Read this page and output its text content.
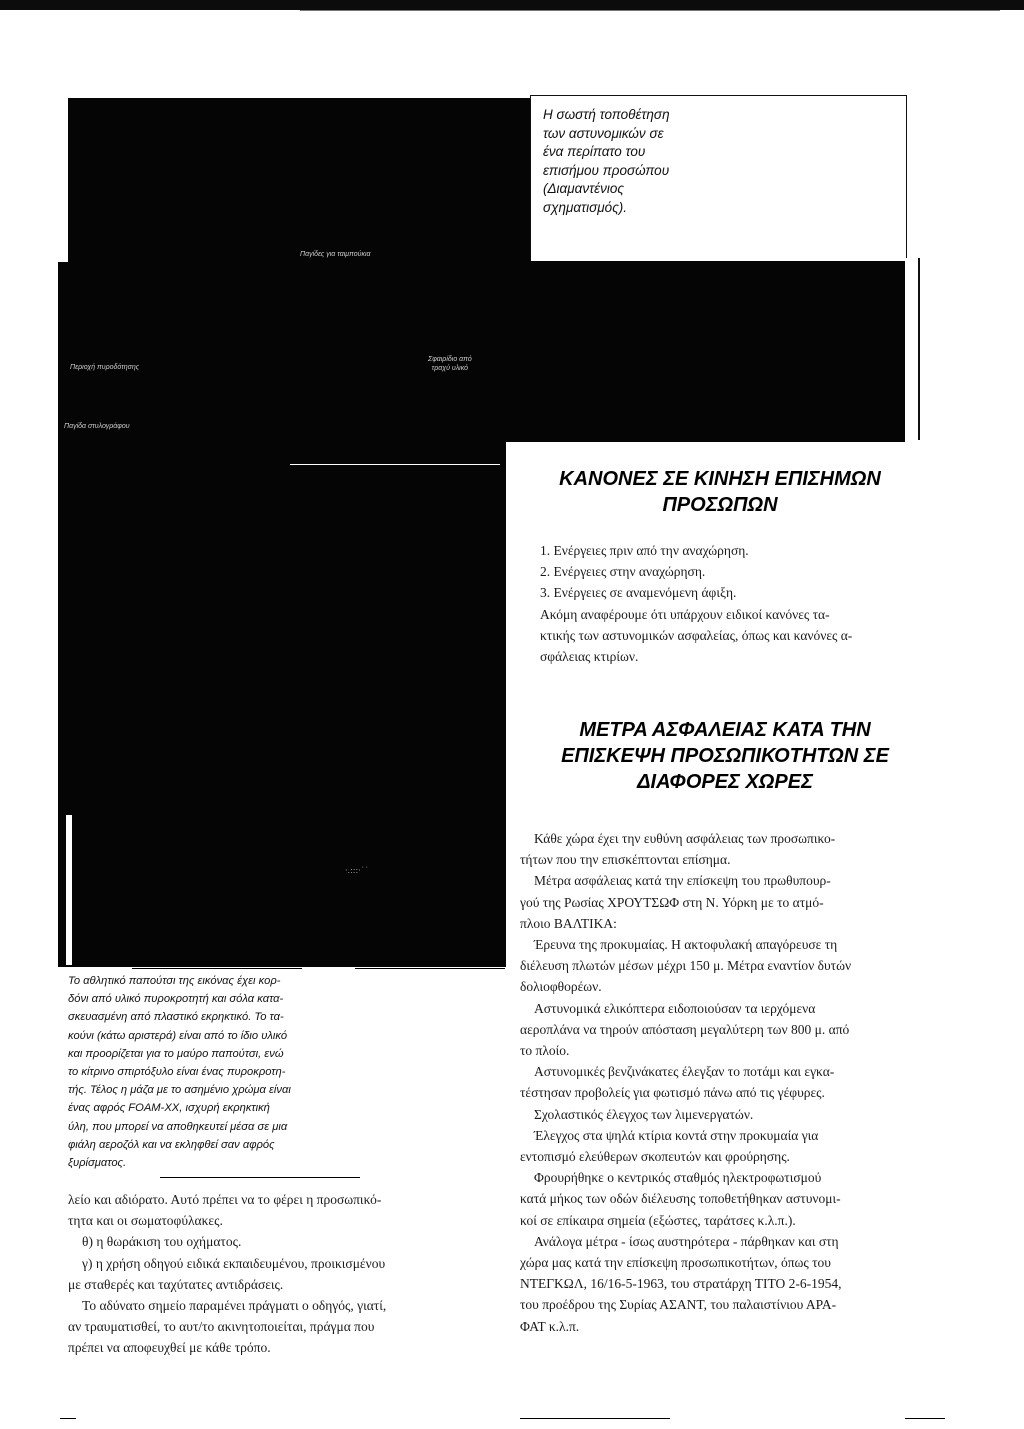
Η σωστή τοποθέτηση
των αστυνομικών σε
ένα περίπατο του
επισήμου προσώπου
(Διαμαντένιος
σχηματισμός).
Παγίδες για ταιμπούκια
Περιοχή πυροδότησης
Σφαιρίδιο από
τραχύ υλικό
Παγίδα στυλογράφου
·.:::·˙˙
ΚΑΝΟΝΕΣ ΣΕ ΚΙΝΗΣΗ ΕΠΙΣΗΜΩΝ
ΠΡΟΣΩΠΩΝ

1. Ενέργειες πριν από την αναχώρηση.

2. Ενέργειες στην αναχώρηση.

3. Ενέργειες σε αναμενόμενη άφιξη.

Ακόμη αναφέρουμε ότι υπάρχουν ειδικοί κανόνες τα-

κτικής των αστυνομικών ασφαλείας, όπως και κανόνες α-

σφάλειας κτιρίων.

ΜΕΤΡΑ ΑΣΦΑΛΕΙΑΣ ΚΑΤΑ ΤΗΝ
ΕΠΙΣΚΕΨΗ ΠΡΟΣΩΠΙΚΟΤΗΤΩΝ ΣΕ
ΔΙΑΦΟΡΕΣ ΧΩΡΕΣ

Κάθε χώρα έχει την ευθύνη ασφάλειας των προσωπικο-

τήτων που την επισκέπτονται επίσημα.

Μέτρα ασφάλειας κατά την επίσκεψη του πρωθυπουρ-

γού της Ρωσίας ΧΡΟΥΤΣΩΦ στη Ν. Υόρκη με το ατμό-

πλοιο ΒΑΛΤΙΚΑ:

Έρευνα της προκυμαίας. Η ακτοφυλακή απαγόρευσε τη

διέλευση πλωτών μέσων μέχρι 150 μ. Μέτρα εναντίον δυτών

δολιοφθορέων.

Αστυνομικά ελικόπτερα ειδοποιούσαν τα ιερχόμενα

αεροπλάνα να τηρούν απόσταση μεγαλύτερη των 800 μ. από

το πλοίο.

Αστυνομικές βενζινάκατες έλεγξαν το ποτάμι και εγκα-

τέστησαν προβολείς για φωτισμό πάνω από τις γέφυρες.

Σχολαστικός έλεγχος των λιμενεργατών.

Έλεγχος στα ψηλά κτίρια κοντά στην προκυμαία για

εντοπισμό ελεύθερων σκοπευτών και φρούρησης.

Φρουρήθηκε ο κεντρικός σταθμός ηλεκτροφωτισμού

κατά μήκος των οδών διέλευσης τοποθετήθηκαν αστυνομι-

κοί σε επίκαιρα σημεία (εξώστες, ταράτσες κ.λ.π.).

Ανάλογα μέτρα - ίσως αυστηρότερα - πάρθηκαν και στη

χώρα μας κατά την επίσκεψη προσωπικοτήτων, όπως του

ΝΤΕΓΚΩΛ, 16/16-5-1963, του στρατάρχη ΤΙΤΟ 2-6-1954,

του προέδρου της Συρίας ΑΣΑΝΤ, του παλαιστίνιου ΑΡΑ-

ΦΑΤ κ.λ.π.

Το αθλητικό παπούτσι της εικόνας έχει κορ-
δόνι από υλικό πυροκροτητή και σόλα κατα-
σκευασμένη από πλαστικό εκρηκτικό. Το τα-
κούνι (κάτω αριστερά) είναι από το ίδιο υλικό
και προορίζεται για το μαύρο παπούτσι, ενώ
το κίτρινο σπιρτόξυλο είναι ένας πυροκροτη-
τής. Τέλος η μάζα με το ασημένιο χρώμα είναι
ένας αφρός FOAM-XX, ισχυρή εκρηκτική
ύλη, που μπορεί να αποθηκευτεί μέσα σε μια
φιάλη αεροζόλ και να εκληφθεί σαν αφρός
ξυρίσματος.

λείο και αδιόρατο. Αυτό πρέπει να το φέρει η προσωπικό-

τητα και οι σωματοφύλακες.

θ) η θωράκιση του οχήματος.

γ) η χρήση οδηγού ειδικά εκπαιδευμένου, προικισμένου

με σταθερές και ταχύτατες αντιδράσεις.

Το αδύνατο σημείο παραμένει πράγματι ο οδηγός, γιατί,

αν τραυματισθεί, το αυτ/το ακινητοποιείται, πράγμα που

πρέπει να αποφευχθεί με κάθε τρόπο.
